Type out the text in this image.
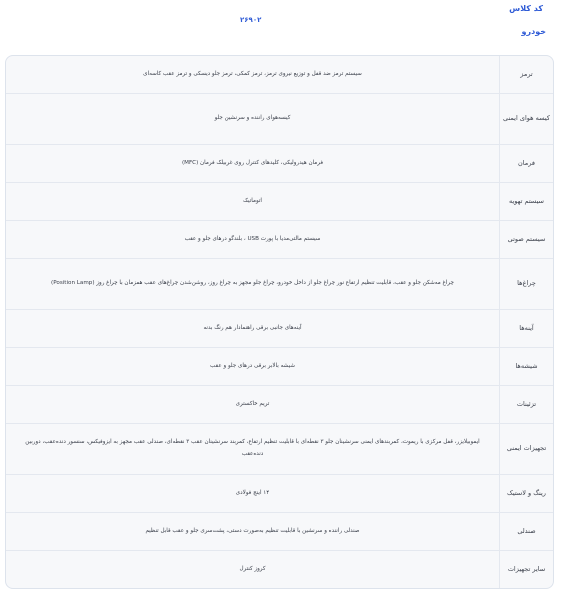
کد کلاس
خودرو
۲۶۹۰۲
ترمز
سیستم ترمز ضد قفل و توزیع نیروی ترمز، ترمز کمکی، ترمز جلو دیسکی و ترمز عقب کاسه‌ای
کیسه هوای ایمنی
کیسه‌هوای راننده و سرنشین جلو
فرمان
فرمان هیدرولیکی، کلیدهای کنترل روی غربیلک فرمان (MFC)
سیستم تهویه
اتوماتیک
سیستم صوتی
سیستم مالتی‌مدیا با پورت USB ، بلندگو درهای جلو و عقب
چراغ‌ها
چراغ مه‌شکن جلو و عقب، قابلیت تنظیم ارتفاع نور چراغ جلو از داخل خودرو، چراغ جلو مجهز به چراغ روز، روشن‌شدن چراغ‌های عقب همزمان با چراغ روز (Position Lamp)
آینه‌ها
آینه‌های جانبی برقی راهنمادار هم رنگ بدنه
شیشه‌ها
شیشه بالابر برقی درهای جلو و عقب
تزئینات
تریم خاکستری
تجهیزات ایمنی
ایموبیلایزر، قفل مرکزی با ریموت، کمربندهای ایمنی سرنشینان جلو ۳ نقطه‌ای با قابلیت تنظیم ارتفاع، کمربند سرنشینان عقب ۳ نقطه‌ای، صندلی عقب مجهز به ایزوفیکس، سنسور دنده‌عقب، دوربین دنده‌عقب
رینگ و لاستیک
۱۴ اینچ فولادی
صندلی
صندلی راننده و سرنشین با قابلیت تنظیم به‌صورت دستی، پشت‌سری جلو و عقب قابل تنظیم
سایر تجهیزات
کروز کنترل
